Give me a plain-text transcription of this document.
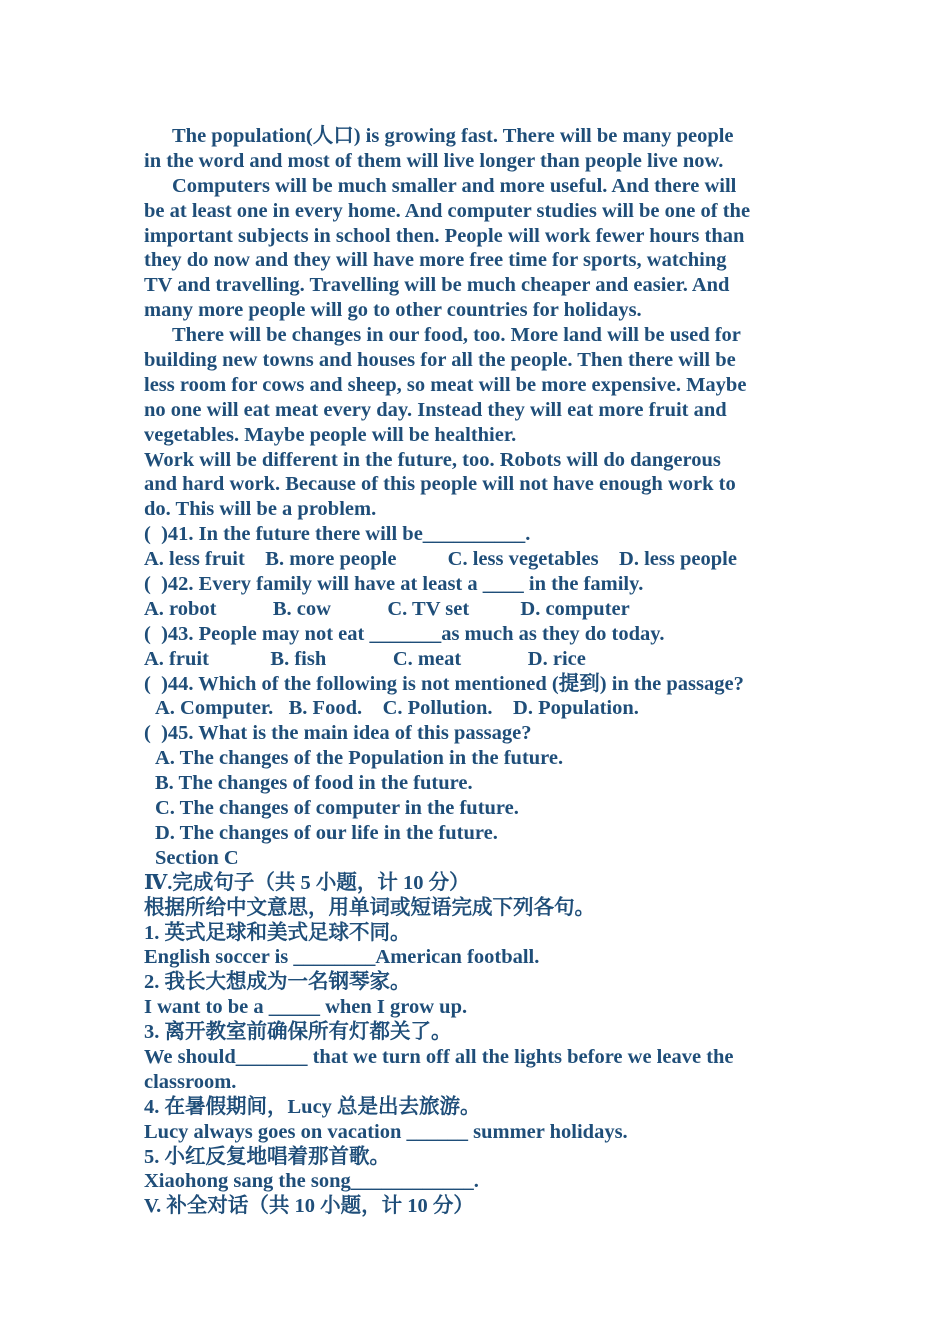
The population(人口) is growing fast. There will be many people
in the word and most of them will live longer than people live now.
Computers will be much smaller and more useful. And there will
be at least one in every home. And computer studies will be one of the
important subjects in school then. People will work fewer hours than
they do now and they will have more free time for sports, watching
TV and travelling. Travelling will be much cheaper and easier. And
many more people will go to other countries for holidays.
There will be changes in our food, too. More land will be used for
building new towns and houses for all the people. Then there will be
less room for cows and sheep, so meat will be more expensive. Maybe
no one will eat meat every day. Instead they will eat more fruit and
vegetables. Maybe people will be healthier.
Work will be different in the future, too. Robots will do dangerous
and hard work. Because of this people will not have enough work to
do. This will be a problem.
(  )41. In the future there will be__________.
A. less fruit    B. more people          C. less vegetables    D. less people
(  )42. Every family will have at least a ____ in the family.
A. robot           B. cow           C. TV set          D. computer
(  )43. People may not eat _______as much as they do today.
A. fruit            B. fish             C. meat             D. rice
(  )44. Which of the following is not mentioned (提到) in the passage?
A. Computer.   B. Food.    C. Pollution.    D. Population.
(  )45. What is the main idea of this passage?
A. The changes of the Population in the future.
B. The changes of food in the future.
C. The changes of computer in the future.
D. The changes of our life in the future.
Section C
Ⅳ.完成句子（共 5 小题，计 10 分）
根据所给中文意思，用单词或短语完成下列各句。
1. 英式足球和美式足球不同。
English soccer is ________American football.
2. 我长大想成为一名钢琴家。
I want to be a _____ when I grow up.
3. 离开教室前确保所有灯都关了。
We should_______ that we turn off all the lights before we leave the
classroom.
4. 在暑假期间，Lucy 总是出去旅游。
Lucy always goes on vacation ______ summer holidays.
5. 小红反复地唱着那首歌。
Xiaohong sang the song____________.
V. 补全对话（共 10 小题，计 10 分）
